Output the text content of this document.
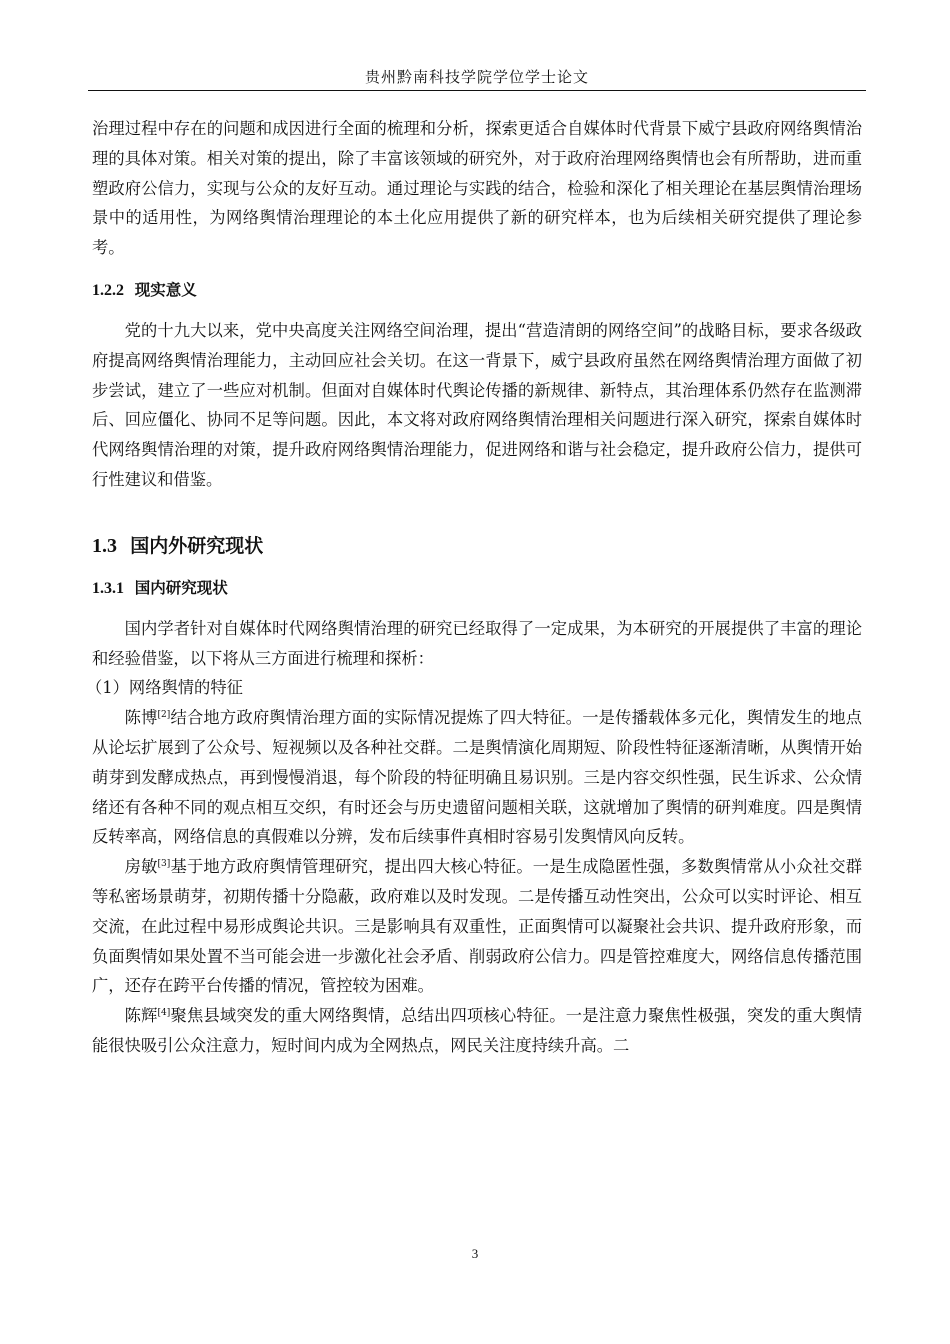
贵州黔南科技学院学位学士论文

治理过程中存在的问题和成因进行全面的梳理和分析，探索更适合自媒体时代背景下威宁县政府网络舆情治理的具体对策。相关对策的提出，除了丰富该领域的研究外，对于政府治理网络舆情也会有所帮助，进而重塑政府公信力，实现与公众的友好互动。通过理论与实践的结合，检验和深化了相关理论在基层舆情治理场景中的适用性，为网络舆情治理理论的本土化应用提供了新的研究样本，也为后续相关研究提供了理论参考。

1.2.2 现实意义

党的十九大以来，党中央高度关注网络空间治理，提出“营造清朗的网络空间”的战略目标，要求各级政府提高网络舆情治理能力，主动回应社会关切。在这一背景下，威宁县政府虽然在网络舆情治理方面做了初步尝试，建立了一些应对机制。但面对自媒体时代舆论传播的新规律、新特点，其治理体系仍然存在监测滞后、回应僵化、协同不足等问题。因此，本文将对政府网络舆情治理相关问题进行深入研究，探索自媒体时代网络舆情治理的对策，提升政府网络舆情治理能力，促进网络和谐与社会稳定，提升政府公信力，提供可行性建议和借鉴。

1.3 国内外研究现状
1.3.1 国内研究现状

国内学者针对自媒体时代网络舆情治理的研究已经取得了一定成果，为本研究的开展提供了丰富的理论和经验借鉴，以下将从三方面进行梳理和探析：

（1）网络舆情的特征

陈博[2]结合地方政府舆情治理方面的实际情况提炼了四大特征。一是传播载体多元化，舆情发生的地点从论坛扩展到了公众号、短视频以及各种社交群。二是舆情演化周期短、阶段性特征逐渐清晰，从舆情开始萌芽到发酵成热点，再到慢慢消退，每个阶段的特征明确且易识别。三是内容交织性强，民生诉求、公众情绪还有各种不同的观点相互交织，有时还会与历史遗留问题相关联，这就增加了舆情的研判难度。四是舆情反转率高，网络信息的真假难以分辨，发布后续事件真相时容易引发舆情风向反转。

房敏[3]基于地方政府舆情管理研究，提出四大核心特征。一是生成隐匿性强，多数舆情常从小众社交群等私密场景萌芽，初期传播十分隐蔽，政府难以及时发现。二是传播互动性突出，公众可以实时评论、相互交流，在此过程中易形成舆论共识。三是影响具有双重性，正面舆情可以凝聚社会共识、提升政府形象，而负面舆情如果处置不当可能会进一步激化社会矛盾、削弱政府公信力。四是管控难度大，网络信息传播范围广，还存在跨平台传播的情况，管控较为困难。

陈辉[4]聚焦县域突发的重大网络舆情，总结出四项核心特征。一是注意力聚焦性极强，突发的重大舆情能很快吸引公众注意力，短时间内成为全网热点，网民关注度持续升高。二

3
